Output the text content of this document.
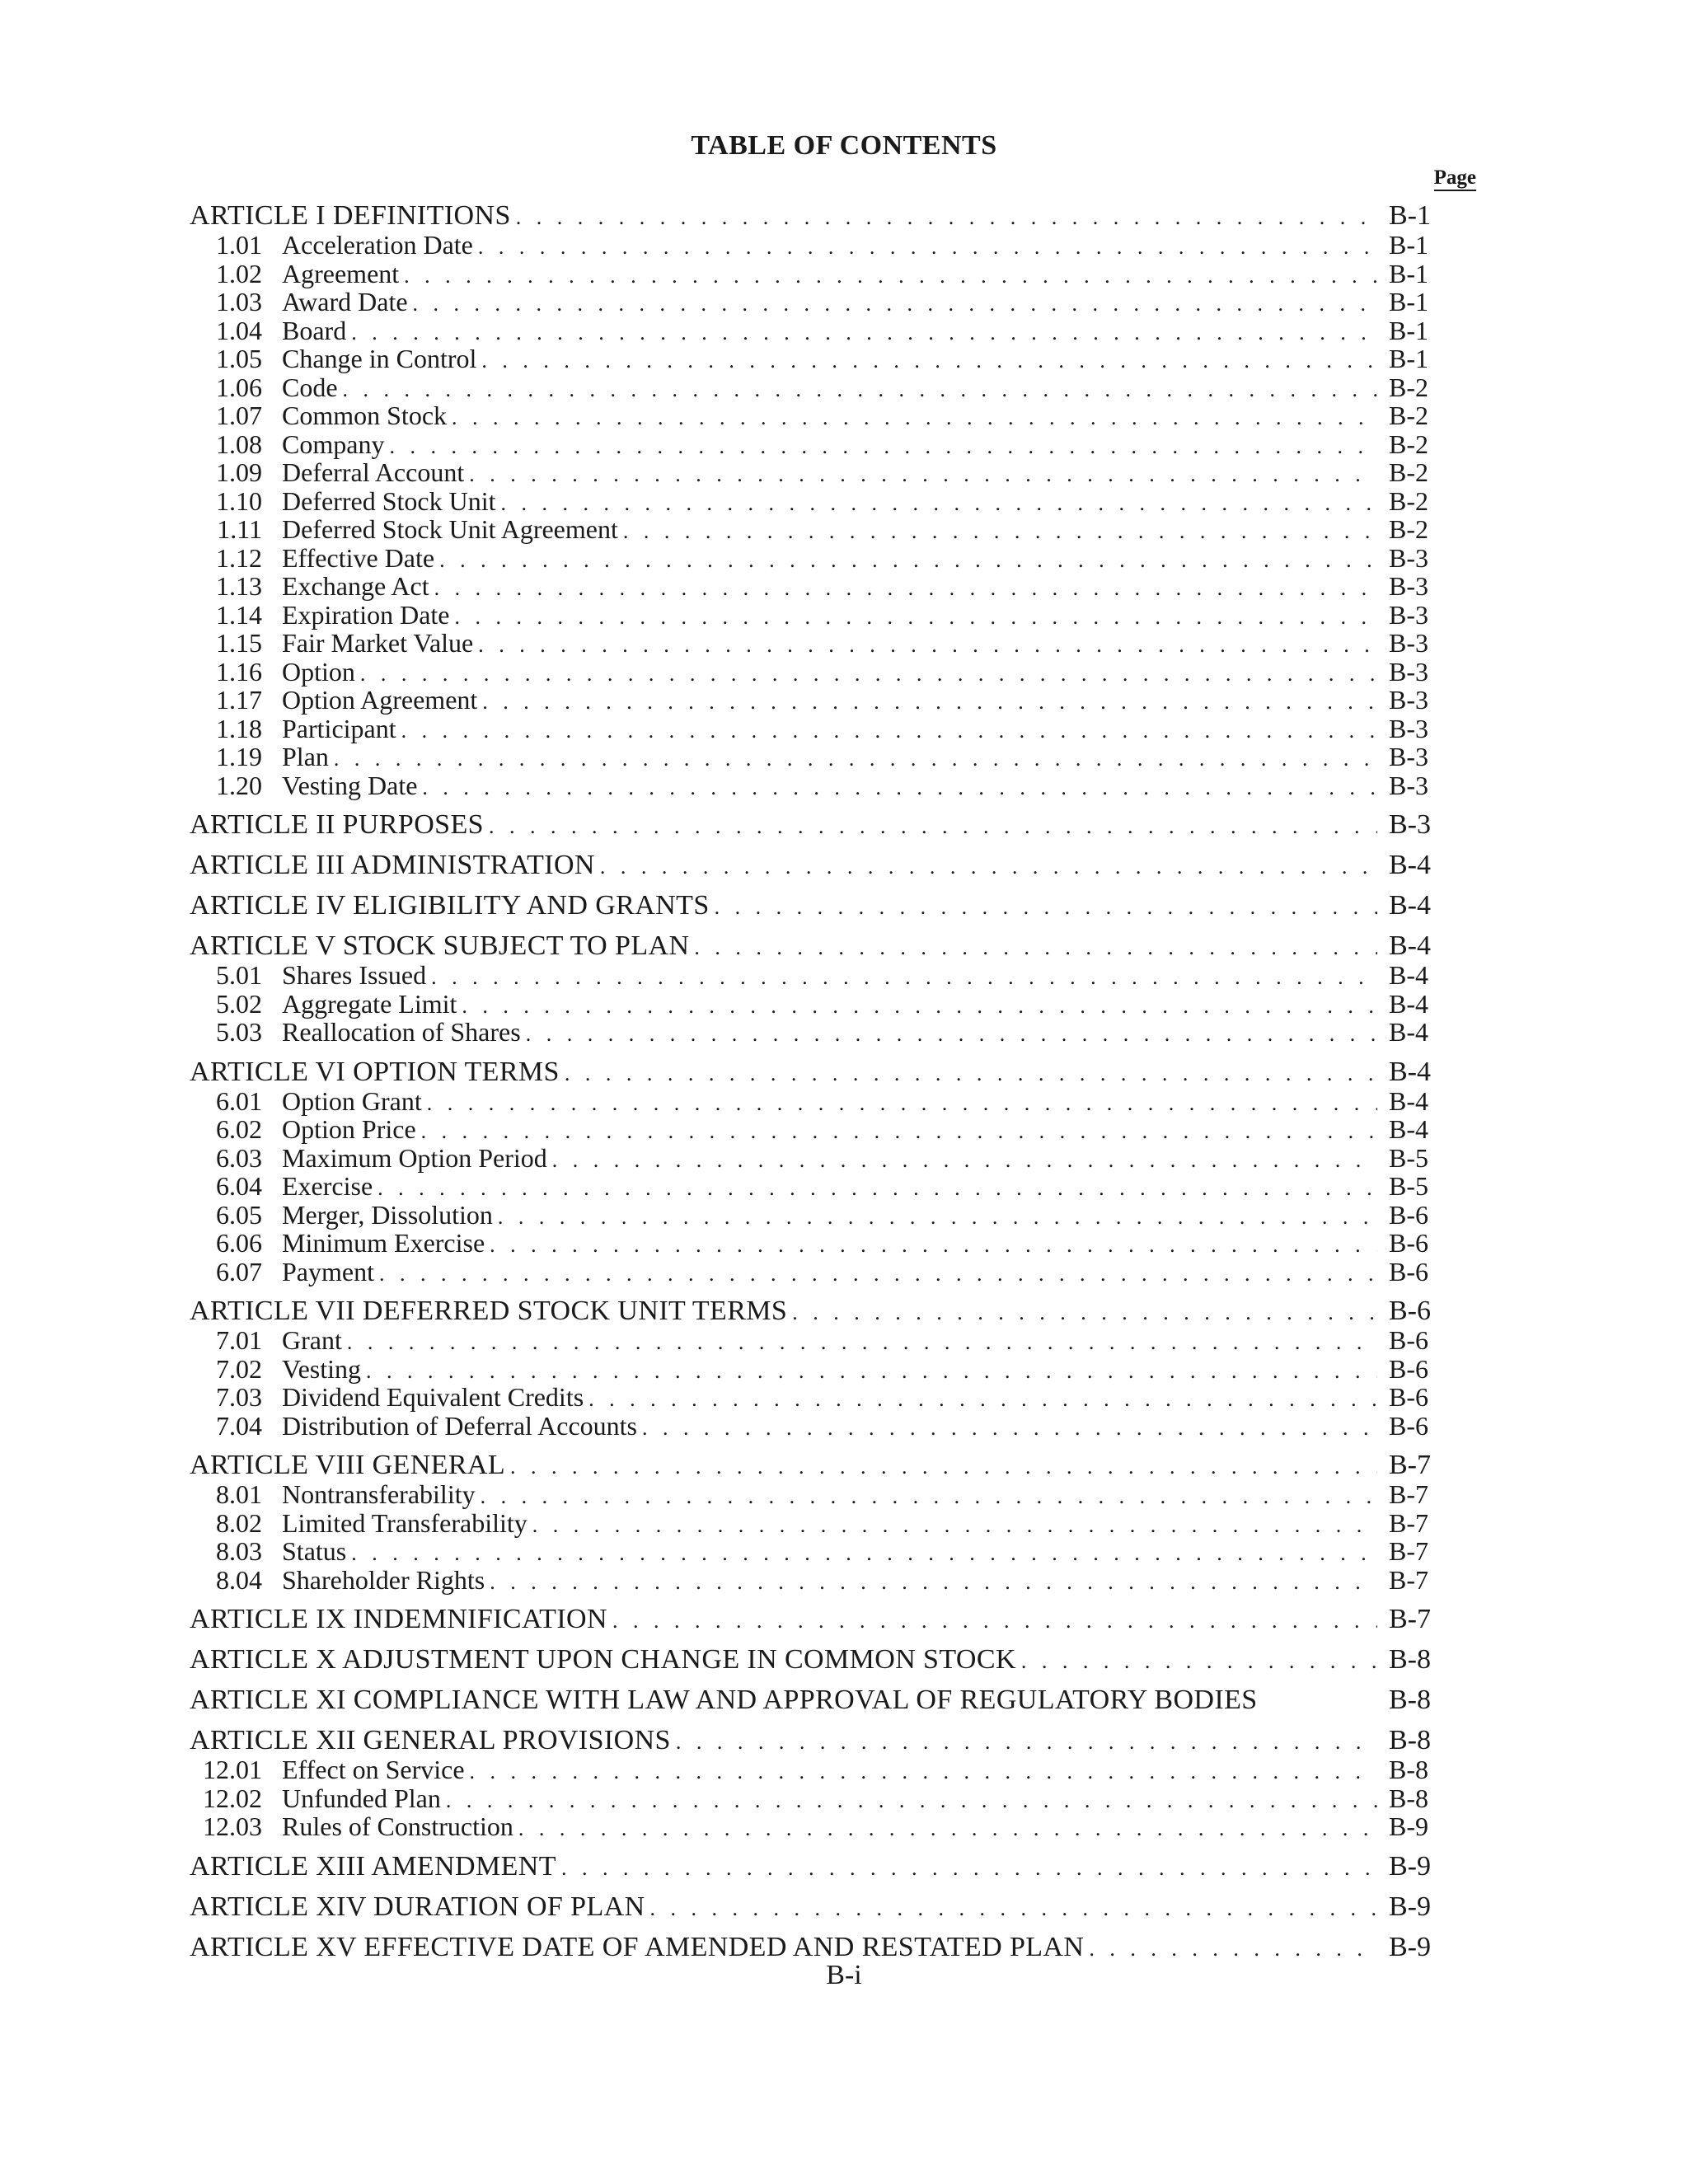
TABLE OF CONTENTS
Page
ARTICLE I DEFINITIONS . . .	B-1
1.01 Acceleration Date . . .	B-1
1.02 Agreement . . .	B-1
1.03 Award Date . . .	B-1
1.04 Board . . .	B-1
1.05 Change in Control . . .	B-1
1.06 Code . . .	B-2
1.07 Common Stock . . .	B-2
1.08 Company . . .	B-2
1.09 Deferral Account . . .	B-2
1.10 Deferred Stock Unit . . .	B-2
1.11 Deferred Stock Unit Agreement . . .	B-2
1.12 Effective Date . . .	B-3
1.13 Exchange Act . . .	B-3
1.14 Expiration Date . . .	B-3
1.15 Fair Market Value . . .	B-3
1.16 Option . . .	B-3
1.17 Option Agreement . . .	B-3
1.18 Participant . . .	B-3
1.19 Plan . . .	B-3
1.20 Vesting Date . . .	B-3
ARTICLE II PURPOSES . . .	B-3
ARTICLE III ADMINISTRATION . . .	B-4
ARTICLE IV ELIGIBILITY AND GRANTS . . .	B-4
ARTICLE V STOCK SUBJECT TO PLAN . . .	B-4
5.01 Shares Issued . . .	B-4
5.02 Aggregate Limit . . .	B-4
5.03 Reallocation of Shares . . .	B-4
ARTICLE VI OPTION TERMS . . .	B-4
6.01 Option Grant . . .	B-4
6.02 Option Price . . .	B-4
6.03 Maximum Option Period . . .	B-5
6.04 Exercise . . .	B-5
6.05 Merger, Dissolution . . .	B-6
6.06 Minimum Exercise . . .	B-6
6.07 Payment . . .	B-6
ARTICLE VII DEFERRED STOCK UNIT TERMS . . .	B-6
7.01 Grant . . .	B-6
7.02 Vesting . . .	B-6
7.03 Dividend Equivalent Credits . . .	B-6
7.04 Distribution of Deferral Accounts . . .	B-6
ARTICLE VIII GENERAL . . .	B-7
8.01 Nontransferability . . .	B-7
8.02 Limited Transferability . . .	B-7
8.03 Status . . .	B-7
8.04 Shareholder Rights . . .	B-7
ARTICLE IX INDEMNIFICATION . . .	B-7
ARTICLE X ADJUSTMENT UPON CHANGE IN COMMON STOCK . . .	B-8
ARTICLE XI COMPLIANCE WITH LAW AND APPROVAL OF REGULATORY BODIES	B-8
ARTICLE XII GENERAL PROVISIONS . . .	B-8
12.01 Effect on Service . . .	B-8
12.02 Unfunded Plan . . .	B-8
12.03 Rules of Construction . . .	B-9
ARTICLE XIII AMENDMENT . . .	B-9
ARTICLE XIV DURATION OF PLAN . . .	B-9
ARTICLE XV EFFECTIVE DATE OF AMENDED AND RESTATED PLAN . . .	B-9
B-i
